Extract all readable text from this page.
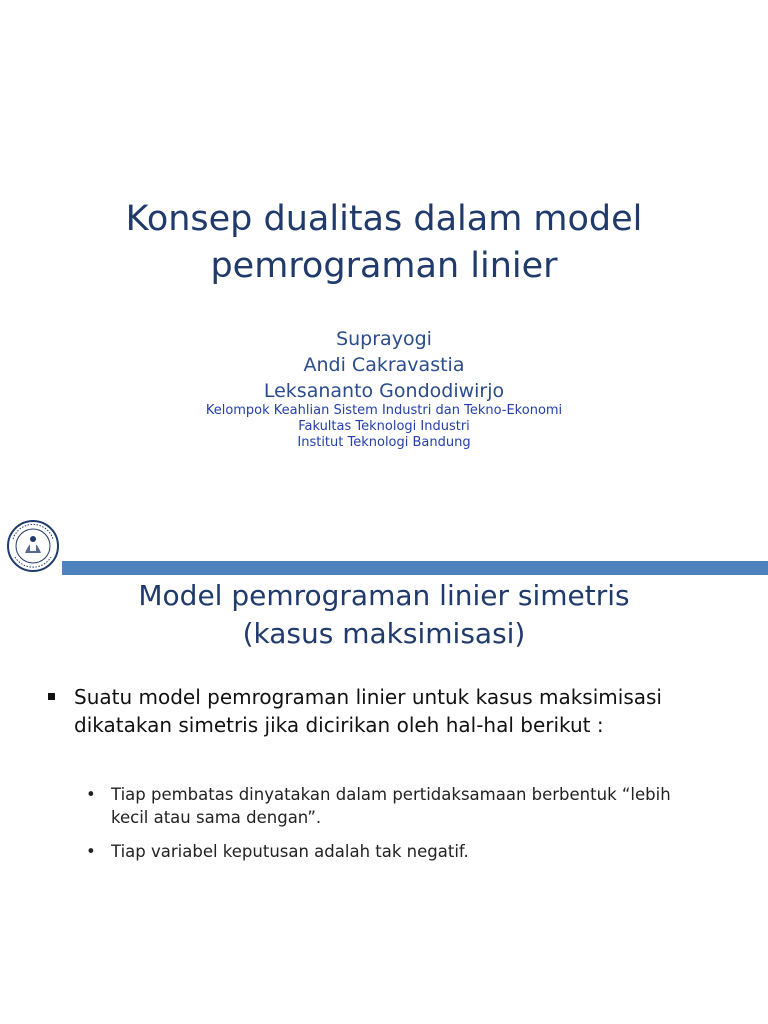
Konsep dualitas dalam model
pemrograman linier
Suprayogi
Andi Cakravastia
Leksananto Gondodiwirjo
Kelompok Keahlian Sistem Industri dan Tekno-Ekonomi
Fakultas Teknologi Industri
Institut Teknologi Bandung
Model pemrograman linier simetris
(kasus maksimisasi)
Suatu model pemrograman linier untuk kasus maksimisasi dikatakan simetris jika dicirikan oleh hal-hal berikut :
• Tiap pembatas dinyatakan dalam pertidaksamaan berbentuk “lebih kecil atau sama dengan”.
• Tiap variabel keputusan adalah tak negatif.
